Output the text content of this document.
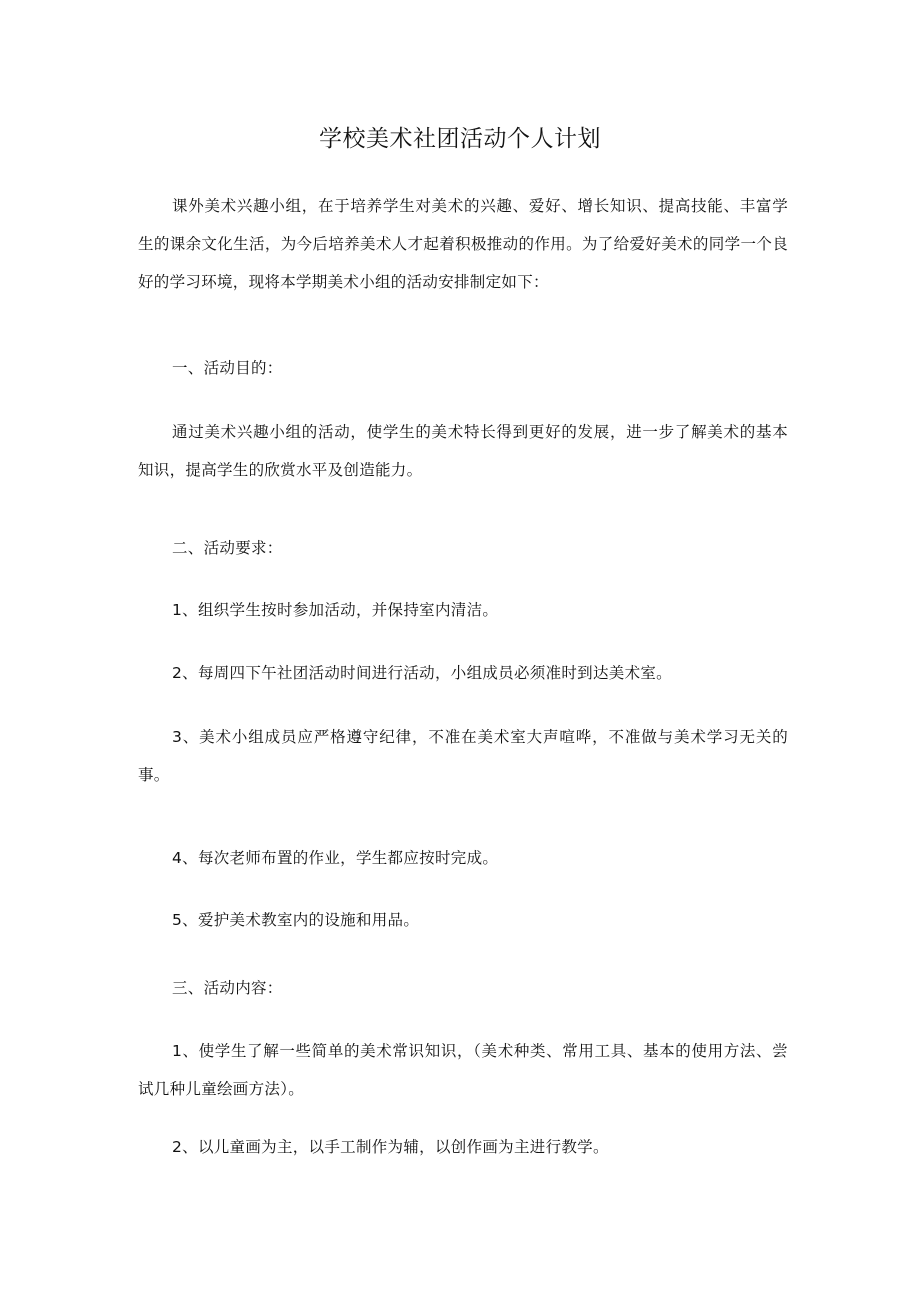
学校美术社团活动个人计划

课外美术兴趣小组，在于培养学生对美术的兴趣、爱好、增长知识、提高技能、丰富学生的课余文化生活，为今后培养美术人才起着积极推动的作用。为了给爱好美术的同学一个良好的学习环境，现将本学期美术小组的活动安排制定如下：

一、活动目的：

通过美术兴趣小组的活动，使学生的美术特长得到更好的发展，进一步了解美术的基本知识，提高学生的欣赏水平及创造能力。

二、活动要求：
1、组织学生按时参加活动，并保持室内清洁。
2、每周四下午社团活动时间进行活动，小组成员必须准时到达美术室。

3、美术小组成员应严格遵守纪律，不准在美术室大声喧哗，不准做与美术学习无关的事。

4、每次老师布置的作业，学生都应按时完成。
5、爱护美术教室内的设施和用品。
三、活动内容：

1、使学生了解一些简单的美术常识知识，（美术种类、常用工具、基本的使用方法、尝试几种儿童绘画方法）。

2、以儿童画为主，以手工制作为辅，以创作画为主进行教学。
